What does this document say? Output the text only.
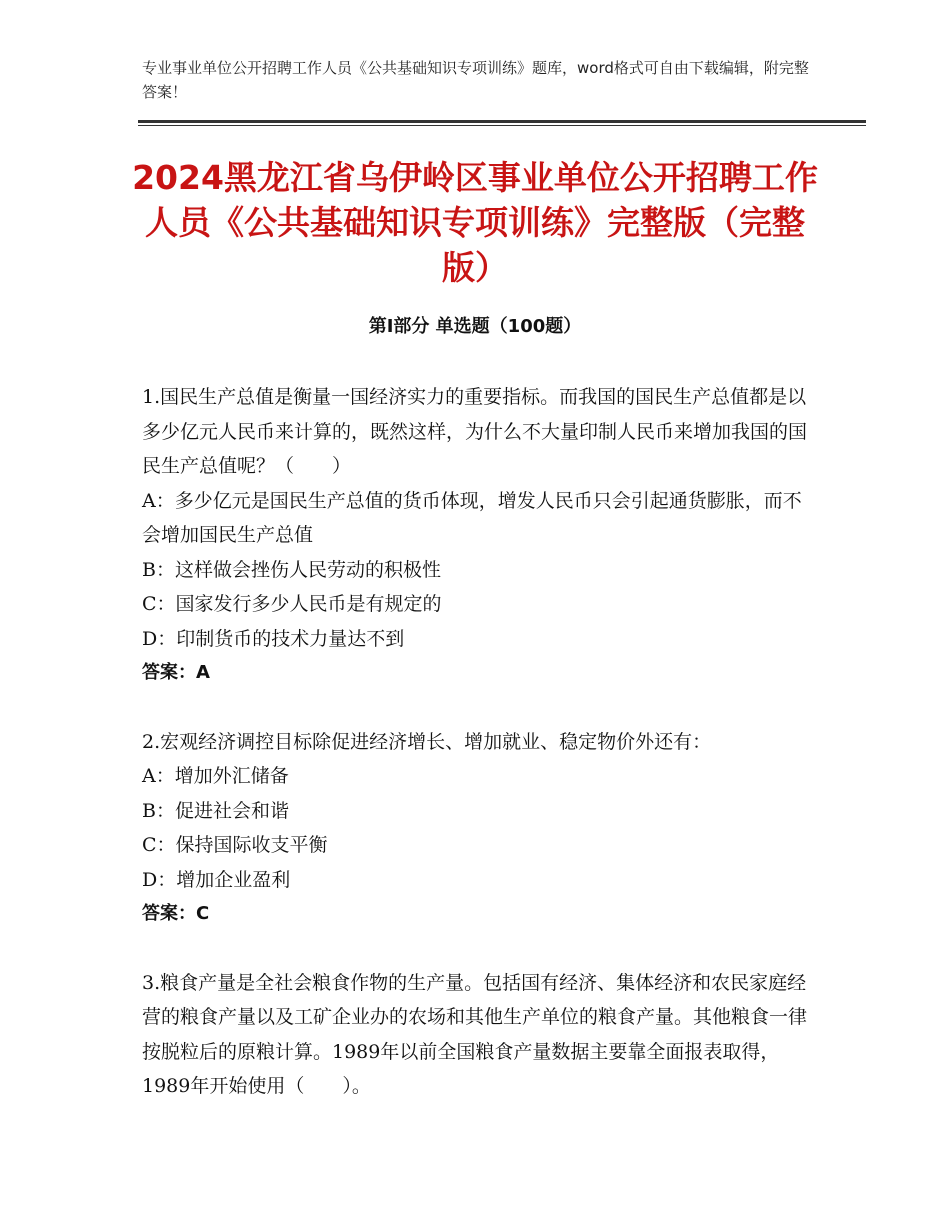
专业事业单位公开招聘工作人员《公共基础知识专项训练》题库，word格式可自由下载编辑，附完整答案！
2024黑龙江省乌伊岭区事业单位公开招聘工作人员《公共基础知识专项训练》完整版（完整版）
第Ⅰ部分 单选题（100题）

1.国民生产总值是衡量一国经济实力的重要指标。而我国的国民生产总值都是以多少亿元人民币来计算的，既然这样，为什么不大量印制人民币来增加我国的国民生产总值呢？（　　）

A：多少亿元是国民生产总值的货币体现，增发人民币只会引起通货膨胀，而不会增加国民生产总值

B：这样做会挫伤人民劳动的积极性

C：国家发行多少人民币是有规定的

D：印制货币的技术力量达不到

答案：A

2.宏观经济调控目标除促进经济增长、增加就业、稳定物价外还有：

A：增加外汇储备

B：促进社会和谐

C：保持国际收支平衡

D：增加企业盈利

答案：C

3.粮食产量是全社会粮食作物的生产量。包括国有经济、集体经济和农民家庭经营的粮食产量以及工矿企业办的农场和其他生产单位的粮食产量。其他粮食一律按脱粒后的原粮计算。1989年以前全国粮食产量数据主要靠全面报表取得，1989年开始使用（　　）。
